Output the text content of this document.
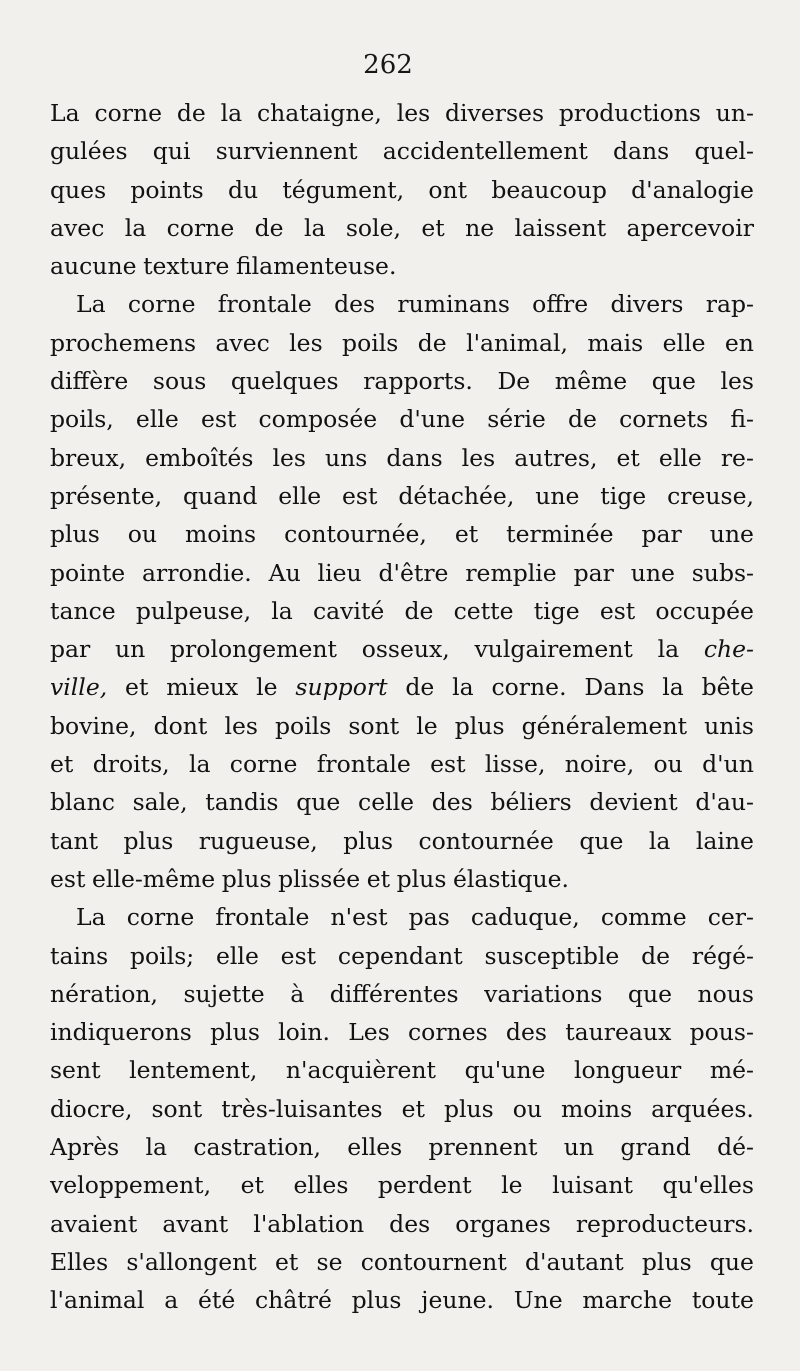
262
La corne de la chataigne, les diverses productions un-
gulées qui surviennent accidentellement dans quel-
ques points du tégument, ont beaucoup d'analogie
avec la corne de la sole, et ne laissent apercevoir
aucune texture filamenteuse.
La corne frontale des ruminans offre divers rap-
prochemens avec les poils de l'animal, mais elle en
diffère sous quelques rapports. De même que les
poils, elle est composée d'une série de cornets fi-
breux, emboîtés les uns dans les autres, et elle re-
présente, quand elle est détachée, une tige creuse,
plus ou moins contournée, et terminée par une
pointe arrondie. Au lieu d'être remplie par une subs-
tance pulpeuse, la cavité de cette tige est occupée
par un prolongement osseux, vulgairement la che-
ville, et mieux le support de la corne. Dans la bête
bovine, dont les poils sont le plus généralement unis
et droits, la corne frontale est lisse, noire, ou d'un
blanc sale, tandis que celle des béliers devient d'au-
tant plus rugueuse, plus contournée que la laine
est elle-même plus plissée et plus élastique.
La corne frontale n'est pas caduque, comme cer-
tains poils; elle est cependant susceptible de régé-
nération, sujette à différentes variations que nous
indiquerons plus loin. Les cornes des taureaux pous-
sent lentement, n'acquièrent qu'une longueur mé-
diocre, sont très-luisantes et plus ou moins arquées.
Après la castration, elles prennent un grand dé-
veloppement, et elles perdent le luisant qu'elles
avaient avant l'ablation des organes reproducteurs.
Elles s'allongent et se contournent d'autant plus que
l'animal a été châtré plus jeune. Une marche toute
